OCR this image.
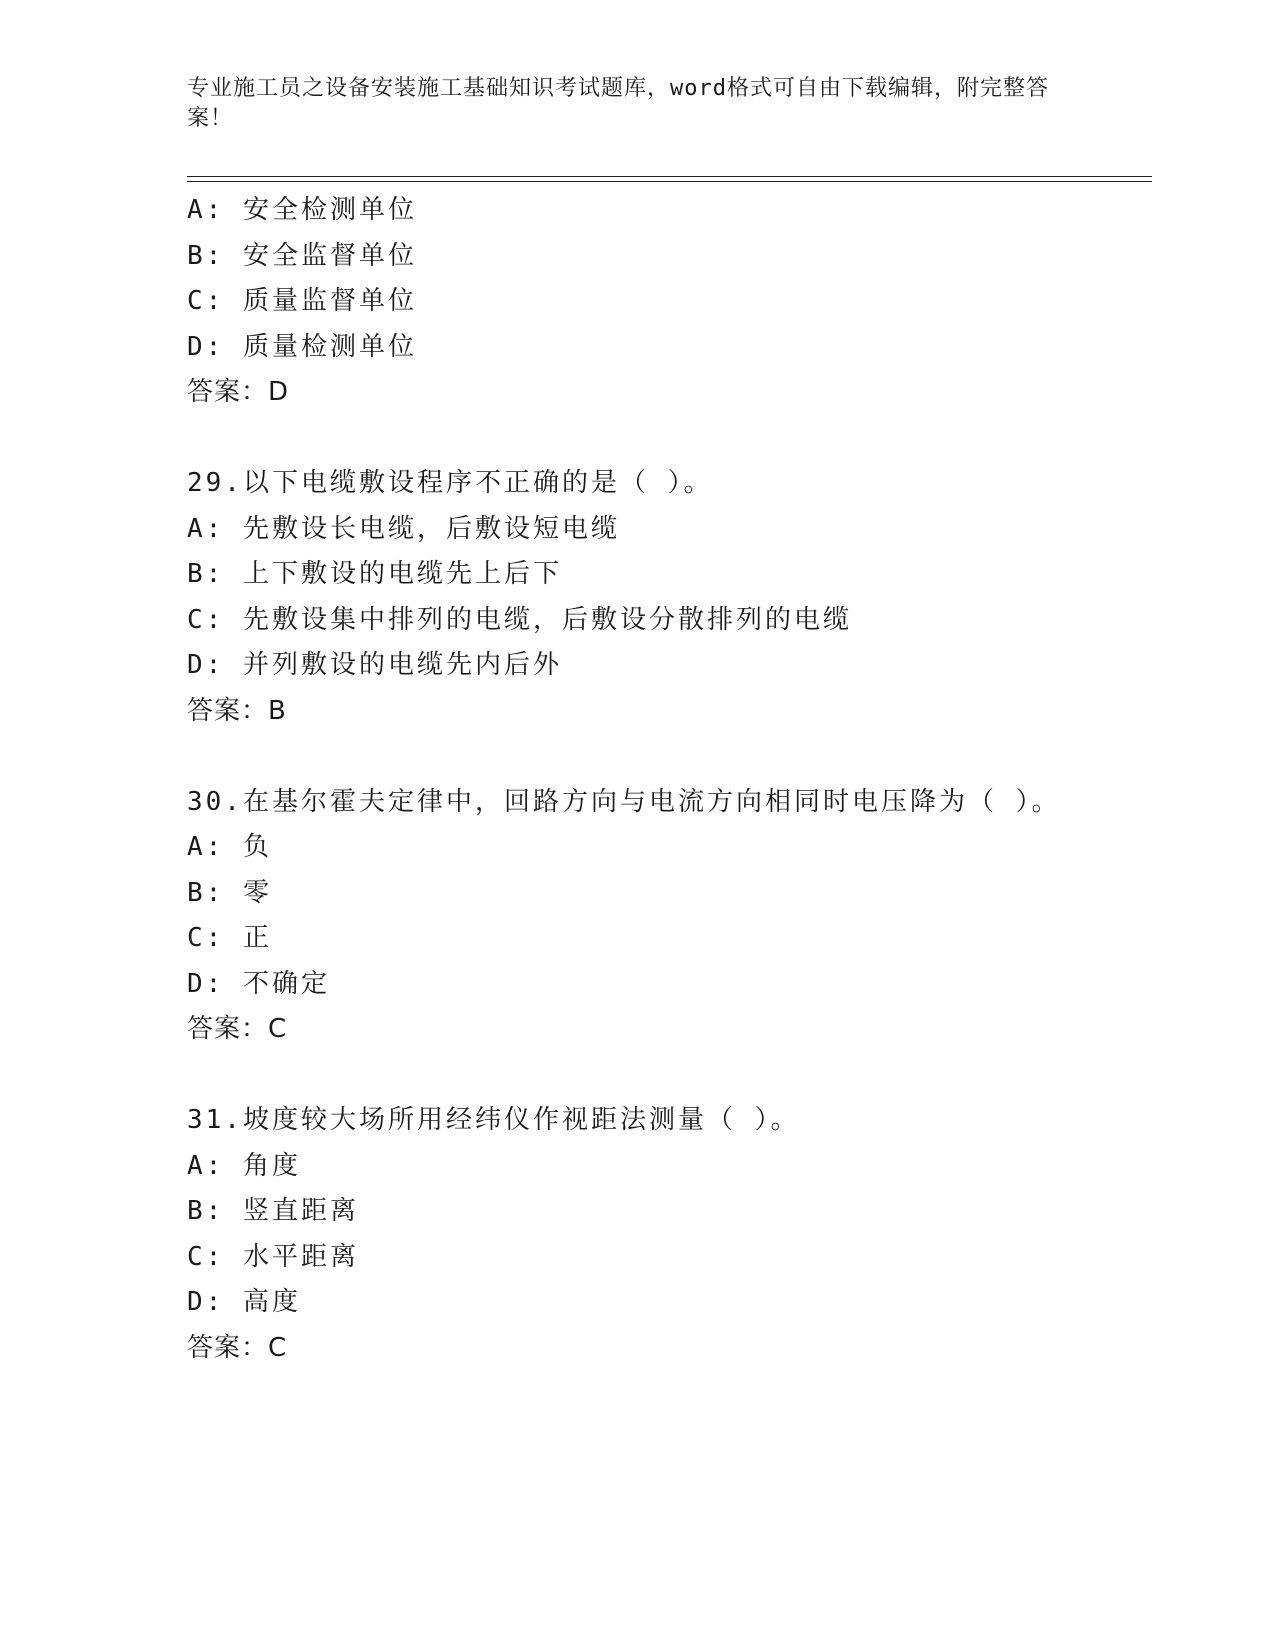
专业施工员之设备安装施工基础知识考试题库，word格式可自由下载编辑，附完整答案！
A: 安全检测单位
B: 安全监督单位
C: 质量监督单位
D: 质量检测单位
答案：D
29.以下电缆敷设程序不正确的是（ ）。
A: 先敷设长电缆，后敷设短电缆
B: 上下敷设的电缆先上后下
C: 先敷设集中排列的电缆，后敷设分散排列的电缆
D: 并列敷设的电缆先内后外
答案：B
30.在基尔霍夫定律中，回路方向与电流方向相同时电压降为（ ）。
A: 负
B: 零
C: 正
D: 不确定
答案：C
31.坡度较大场所用经纬仪作视距法测量（ ）。
A: 角度
B: 竖直距离
C: 水平距离
D: 高度
答案：C
